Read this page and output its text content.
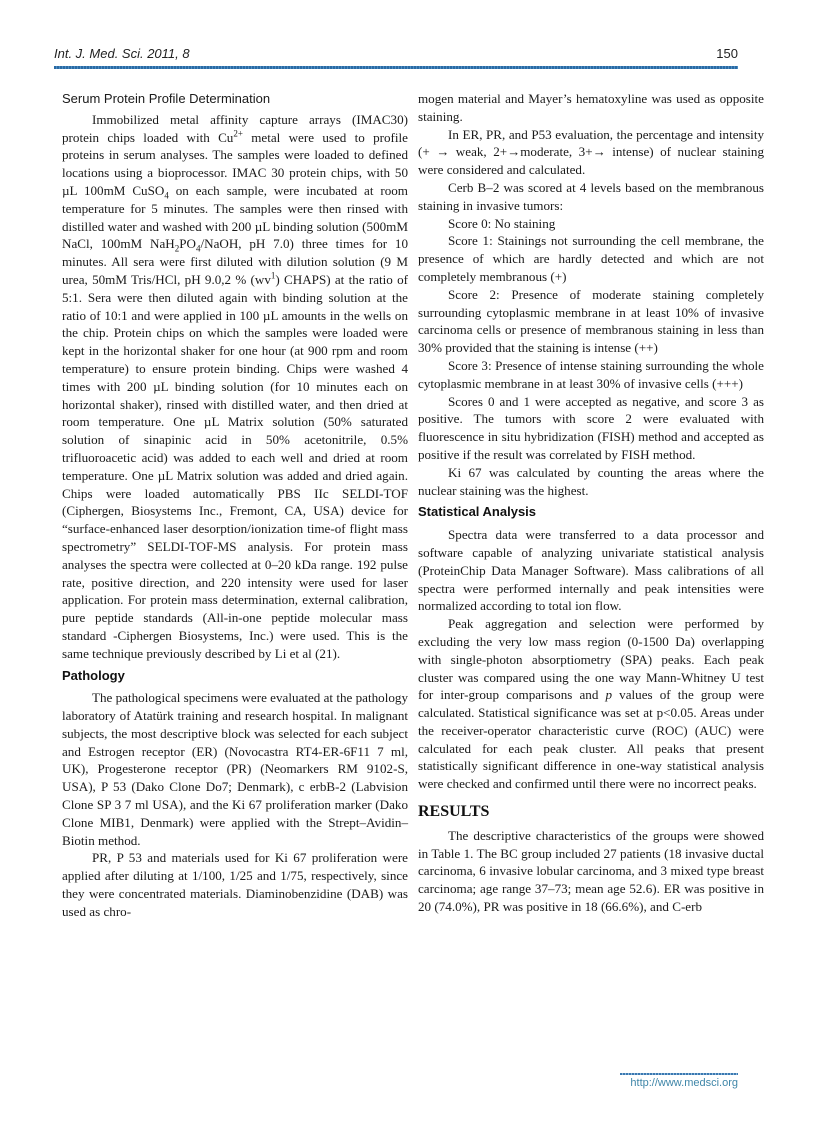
Int. J. Med. Sci. 2011, 8	150
Serum Protein Profile Determination

Immobilized metal affinity capture arrays (IMAC30) protein chips loaded with $Cu^{2+}$ metal were used to profile proteins in serum analyses. The samples were loaded to defined locations using a bioprocessor. IMAC 30 protein chips, with 50 µL 100mM CuSO$_4$ on each sample, were incubated at room temperature for 5 minutes. The samples were then rinsed with distilled water and washed with 200 µL binding solution (500mM NaCl, 100mM $NaH_2PO_4$/NaOH, pH 7.0) three times for 10 minutes. All sera were first diluted with dilution solution (9 M urea, 50mM Tris/HCl, pH 9.0,2 % $(wv^1)$ CHAPS) at the ratio of 5:1. Sera were then diluted again with binding solution at the ratio of 10:1 and were applied in 100 µL amounts in the wells on the chip. Protein chips on which the samples were loaded were kept in the horizontal shaker for one hour (at 900 rpm and room temperature) to ensure protein binding. Chips were washed 4 times with 200 µL binding solution (for 10 minutes each on horizontal shaker), rinsed with distilled water, and then dried at room temperature. One µL Matrix solution (50% saturated solution of sinapinic acid in 50% acetonitrile, 0.5% trifluoroacetic acid) was added to each well and dried at room temperature. One µL Matrix solution was added and dried again. Chips were loaded automatically PBS IIc SELDI-TOF (Ciphergen, Biosystems Inc., Fremont, CA, USA) device for “surface-enhanced laser desorption/ionization time-of flight mass spectrometry” SELDI-TOF-MS analysis. For protein mass analyses the spectra were collected at 0–20 kDa range. 192 pulse rate, positive direction, and 220 intensity were used for laser application. For protein mass determination, external calibration, pure peptide standards (All-in-one peptide molecular mass standard -Ciphergen Biosystems, Inc.) were used. This is the same technique previously described by Li et al (21).

Pathology

The pathological specimens were evaluated at the pathology laboratory of Atatürk training and research hospital. In malignant subjects, the most descriptive block was selected for each subject and Estrogen receptor (ER) (Novocastra RT4-ER-6F11 7 ml, UK), Progesterone receptor (PR) (Neomarkers RM 9102-S, USA), P 53 (Dako Clone Do7; Denmark), c erbB-2 (Labvision Clone SP 3 7 ml USA), and the Ki 67 proliferation marker (Dako Clone MIB1, Denmark) were applied with the Strept–Avidin–Biotin method.

PR, P 53 and materials used for Ki 67 proliferation were applied after diluting at 1/100, 1/25 and 1/75, respectively, since they were concentrated materials. Diaminobenzidine (DAB) was used as chro-

mogen material and Mayer’s hematoxyline was used as opposite staining.

In ER, PR, and P53 evaluation, the percentage and intensity (+ → weak, 2+→moderate, 3+→ intense) of nuclear staining were considered and calculated.

Cerb B–2 was scored at 4 levels based on the membranous staining in invasive tumors:

Score 0: No staining

Score 1: Stainings not surrounding the cell membrane, the presence of which are hardly detected and which are not completely membranous (+)

Score 2: Presence of moderate staining completely surrounding cytoplasmic membrane in at least 10% of invasive carcinoma cells or presence of membranous staining in less than 30% provided that the staining is intense (++)

Score 3: Presence of intense staining surrounding the whole cytoplasmic membrane in at least 30% of invasive cells (+++)

Scores 0 and 1 were accepted as negative, and score 3 as positive. The tumors with score 2 were evaluated with fluorescence in situ hybridization (FISH) method and accepted as positive if the result was correlated by FISH method.

Ki 67 was calculated by counting the areas where the nuclear staining was the highest.

Statistical Analysis

Spectra data were transferred to a data processor and software capable of analyzing univariate statistical analysis (ProteinChip Data Manager Software). Mass calibrations of all spectra were performed internally and peak intensities were normalized according to total ion flow.

Peak aggregation and selection were performed by excluding the very low mass region (0-1500 Da) overlapping with single-photon absorptiometry (SPA) peaks. Each peak cluster was compared using the one way Mann-Whitney U test for inter-group comparisons and p values of the group were calculated. Statistical significance was set at p<0.05. Areas under the receiver-operator characteristic curve (ROC) (AUC) were calculated for each peak cluster. All peaks that present statistically significant difference in one-way statistical analysis were checked and confirmed until there were no incorrect peaks.

RESULTS

The descriptive characteristics of the groups were showed in Table 1. The BC group included 27 patients (18 invasive ductal carcinoma, 6 invasive lobular carcinoma, and 3 mixed type breast carcinoma; age range 37–73; mean age 52.6). ER was positive in 20 (74.0%), PR was positive in 18 (66.6%), and C-erb

http://www.medsci.org
